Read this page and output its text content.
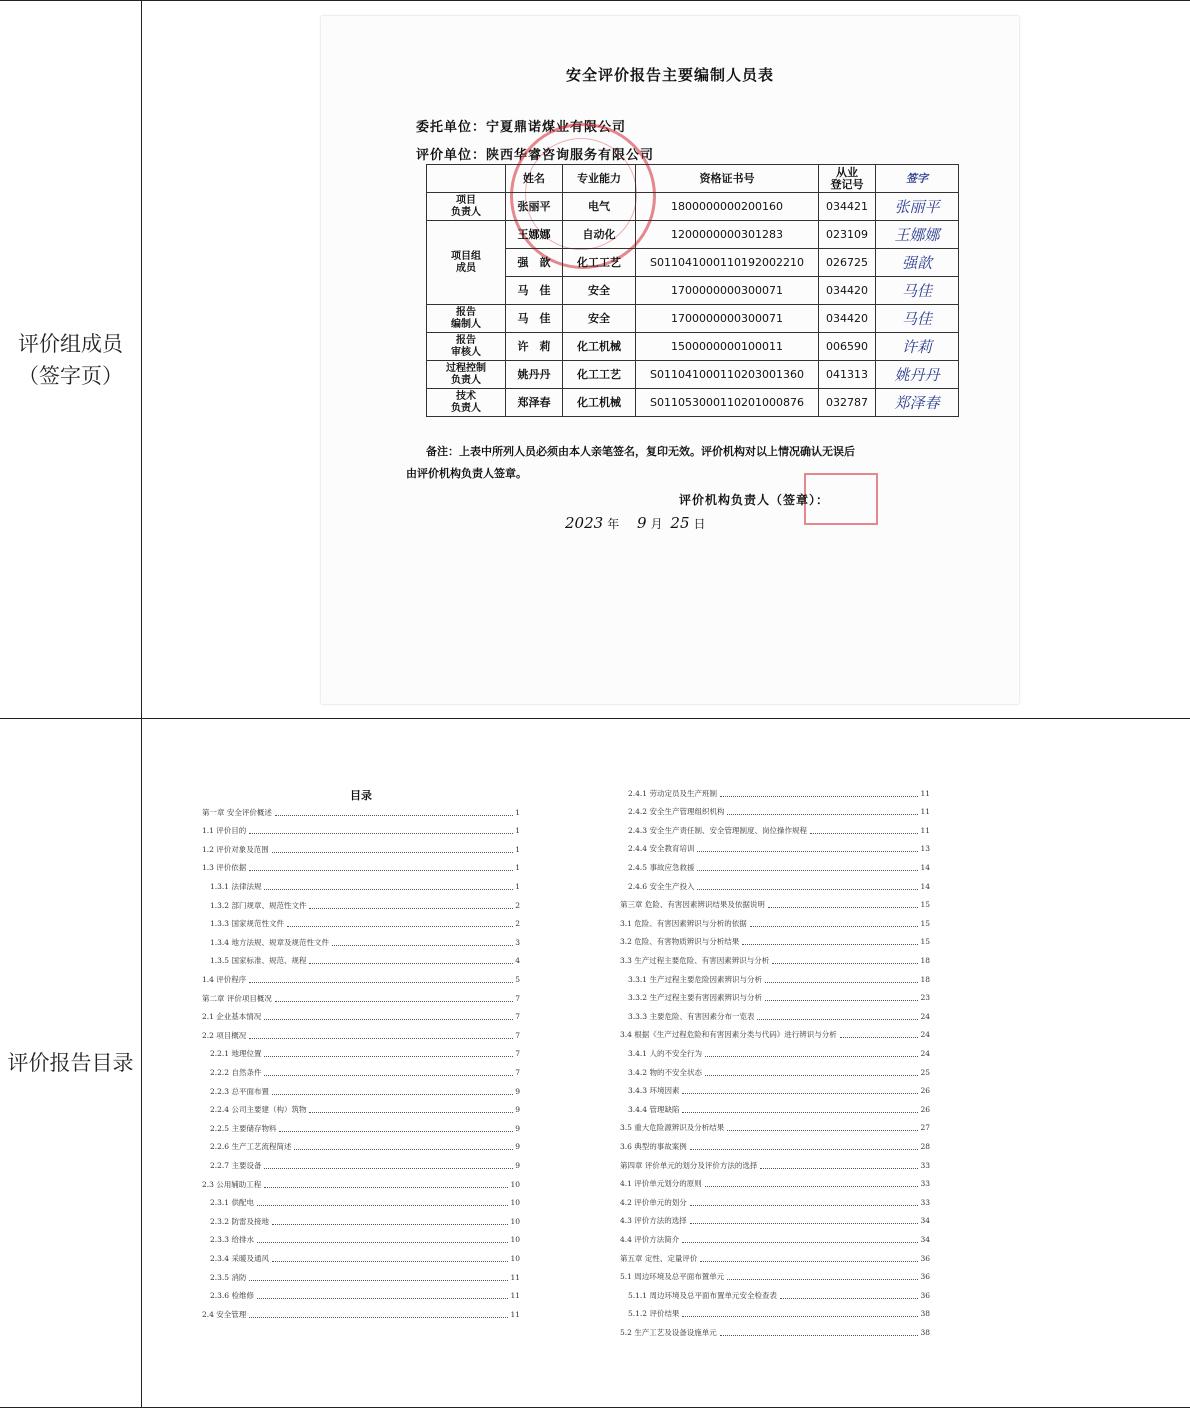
评价组成员
（签字页）
评价报告目录
安全评价报告主要编制人员表
委托单位：宁夏鼎诺煤业有限公司
评价单位：陕西华睿咨询服务有限公司
	姓名	专业能力	资格证书号	从业
登记号	签字
项目
负责人	张丽平	电气	1800000000200160	034421	张丽平
项目组
成员	王娜娜	自动化	1200000000301283	023109	王娜娜
	强　歆	化工工艺	S011041000110192002210	026725	强歆
	马　佳	安全	1700000000300071	034420	马佳
报告
编制人	马　佳	安全	1700000000300071	034420	马佳
报告
审核人	许　莉	化工机械	1500000000100011	006590	许莉
过程控制
负责人	姚丹丹	化工工艺	S011041000110203001360	041313	姚丹丹
技术
负责人	郑泽春	化工机械	S011053000110201000876	032787	郑泽春
备注：上表中所列人员必须由本人亲笔签名，复印无效。评价机构对以上情况确认无误后
由评价机构负责人签章。
评价机构负责人（签章）：
2023 年 9 月 25 日
目录
第一章 安全评价概述	1
1.1 评价目的	1
1.2 评价对象及范围	1
1.3 评价依据	1
1.3.1 法律法规	1
1.3.2 部门规章、规范性文件	2
1.3.3 国家规范性文件	2
1.3.4 地方法规、规章及规范性文件	3
1.3.5 国家标准、规范、规程	4
1.4 评价程序	5
第二章 评价项目概况	7
2.1 企业基本情况	7
2.2 项目概况	7
2.2.1 地理位置	7
2.2.2 自然条件	7
2.2.3 总平面布置	9
2.2.4 公司主要建（构）筑物	9
2.2.5 主要储存物料	9
2.2.6 生产工艺流程简述	9
2.2.7 主要设备	9
2.3 公用辅助工程	10
2.3.1 供配电	10
2.3.2 防雷及接地	10
2.3.3 给排水	10
2.3.4 采暖及通风	10
2.3.5 消防	11
2.3.6 检维修	11
2.4 安全管理	11
2.4.1 劳动定员及生产班制	11
2.4.2 安全生产管理组织机构	11
2.4.3 安全生产责任制、安全管理制度、岗位操作规程	11
2.4.4 安全教育培训	13
2.4.5 事故应急救援	14
2.4.6 安全生产投入	14
第三章 危险、有害因素辨识结果及依据说明	15
3.1 危险、有害因素辨识与分析的依据	15
3.2 危险、有害物质辨识与分析结果	15
3.3 生产过程主要危险、有害因素辨识与分析	18
3.3.1 生产过程主要危险因素辨识与分析	18
3.3.2 生产过程主要有害因素辨识与分析	23
3.3.3 主要危险、有害因素分布一览表	24
3.4 根据《生产过程危险和有害因素分类与代码》进行辨识与分析	24
3.4.1 人的不安全行为	24
3.4.2 物的不安全状态	25
3.4.3 环境因素	26
3.4.4 管理缺陷	26
3.5 重大危险源辨识及分析结果	27
3.6 典型的事故案例	28
第四章 评价单元的划分及评价方法的选择	33
4.1 评价单元划分的原则	33
4.2 评价单元的划分	33
4.3 评价方法的选择	34
4.4 评价方法简介	34
第五章 定性、定量评价	36
5.1 周边环境及总平面布置单元	36
5.1.1 周边环境及总平面布置单元安全检查表	36
5.1.2 评价结果	38
5.2 生产工艺及设备设施单元	38
